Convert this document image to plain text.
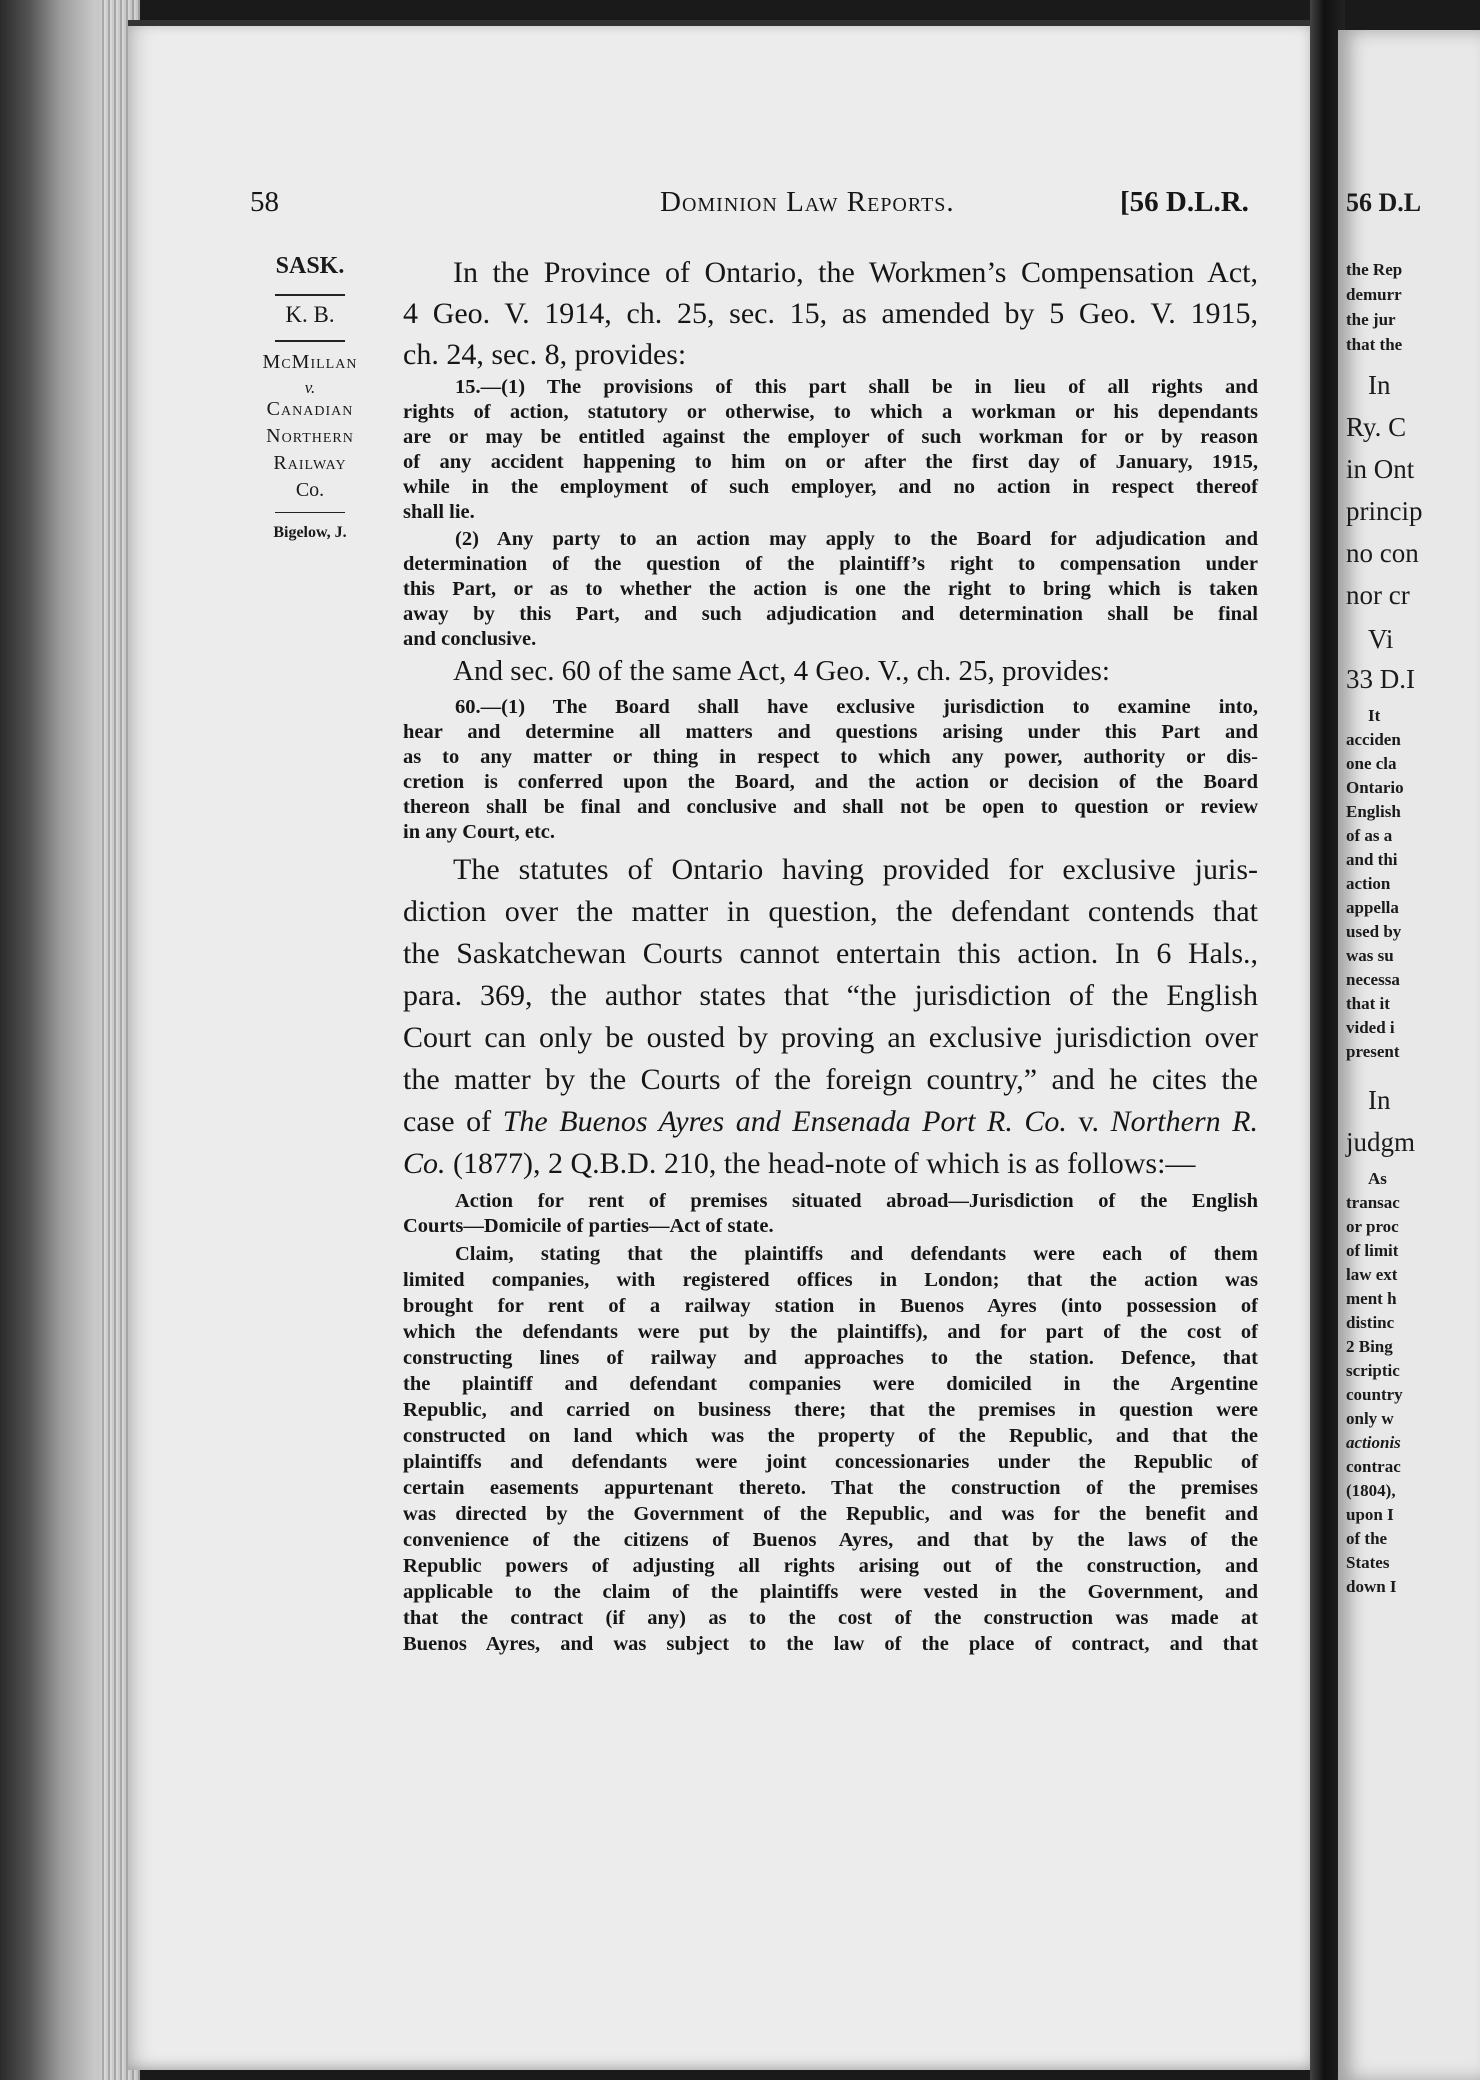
58	Dominion Law Reports.	[56 D.L.R.
SASK.
K. B.
McMillan
v.
Canadian
Northern
Railway
Co.
Bigelow, J.
In the Province of Ontario, the Workmen’s Compensation Act,
4 Geo. V. 1914, ch. 25, sec. 15, as amended by 5 Geo. V. 1915,
ch. 24, sec. 8, provides:
15.—(1) The provisions of this part shall be in lieu of all rights and
rights of action, statutory or otherwise, to which a workman or his dependants
are or may be entitled against the employer of such workman for or by reason
of any accident happening to him on or after the first day of January, 1915,
while in the employment of such employer, and no action in respect thereof
shall lie.
(2) Any party to an action may apply to the Board for adjudication and
determination of the question of the plaintiff’s right to compensation under
this Part, or as to whether the action is one the right to bring which is taken
away by this Part, and such adjudication and determination shall be final
and conclusive.
And sec. 60 of the same Act, 4 Geo. V., ch. 25, provides:
60.—(1) The Board shall have exclusive jurisdiction to examine into,
hear and determine all matters and questions arising under this Part and
as to any matter or thing in respect to which any power, authority or dis-
cretion is conferred upon the Board, and the action or decision of the Board
thereon shall be final and conclusive and shall not be open to question or review
in any Court, etc.
The statutes of Ontario having provided for exclusive juris-
diction over the matter in question, the defendant contends that
the Saskatchewan Courts cannot entertain this action. In 6 Hals.,
para. 369, the author states that “the jurisdiction of the English
Court can only be ousted by proving an exclusive jurisdiction over
the matter by the Courts of the foreign country,” and he cites the
case of The Buenos Ayres and Ensenada Port R. Co. v. Northern R.
Co. (1877), 2 Q.B.D. 210, the head-note of which is as follows:—
Action for rent of premises situated abroad—Jurisdiction of the English
Courts—Domicile of parties—Act of state.
Claim, stating that the plaintiffs and defendants were each of them
limited companies, with registered offices in London; that the action was
brought for rent of a railway station in Buenos Ayres (into possession of
which the defendants were put by the plaintiffs), and for part of the cost of
constructing lines of railway and approaches to the station. Defence, that
the plaintiff and defendant companies were domiciled in the Argentine
Republic, and carried on business there; that the premises in question were
constructed on land which was the property of the Republic, and that the
plaintiffs and defendants were joint concessionaries under the Republic of
certain easements appurtenant thereto. That the construction of the premises
was directed by the Government of the Republic, and was for the benefit and
convenience of the citizens of Buenos Ayres, and that by the laws of the
Republic powers of adjusting all rights arising out of the construction, and
applicable to the claim of the plaintiffs were vested in the Government, and
that the contract (if any) as to the cost of the construction was made at
Buenos Ayres, and was subject to the law of the place of contract, and that
56 D.L
the Rep
demurr
the jur
that the
In
Ry. C
in Ont
princip
no con
nor cr
Vi
33 D.I
It
acciden
one cla
Ontario
English
of as a
and thi
action
appella
used by
was su
necessa
that it
vided i
present
In
judgm
As
transac
or proc
of limit
law ext
ment h
distinc
2 Bing
scriptic
country
only w
actionis
contrac
(1804),
upon I
of the
States
down I
